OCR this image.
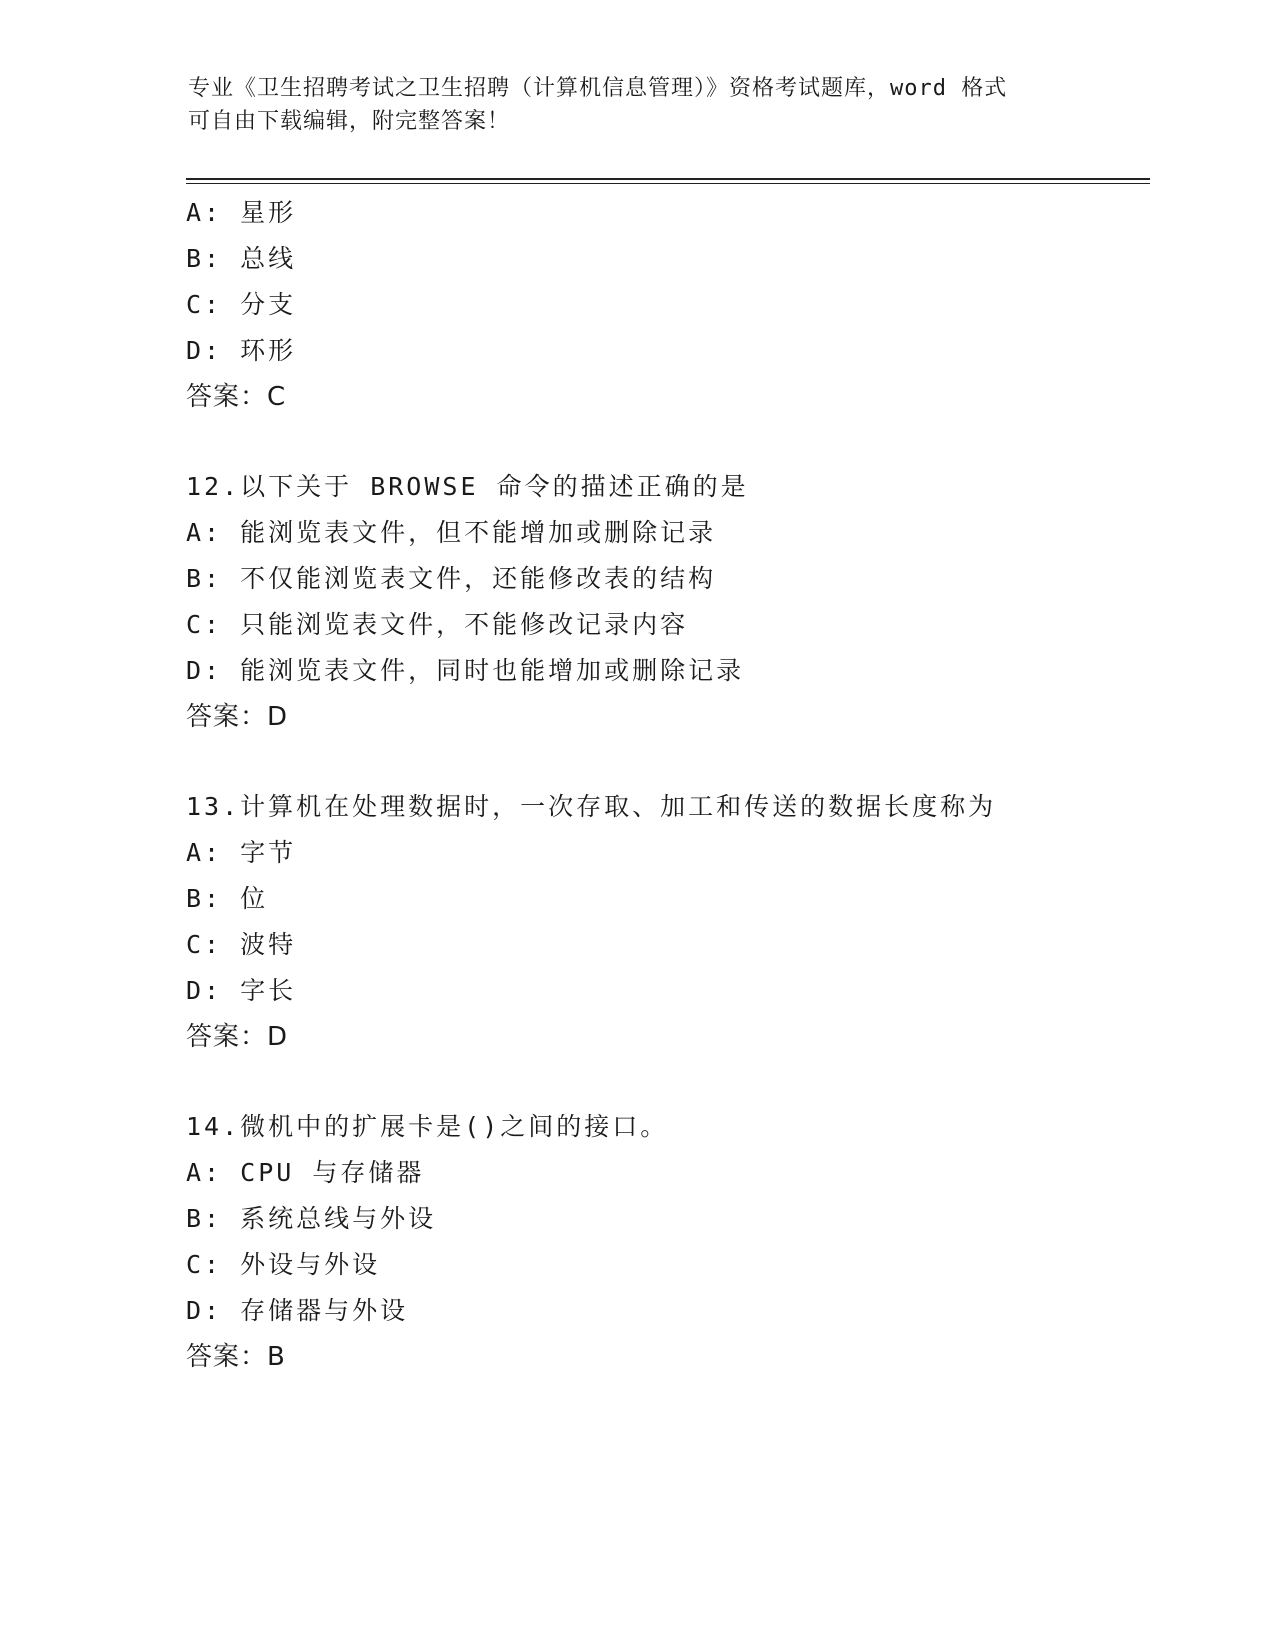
专业《卫生招聘考试之卫生招聘（计算机信息管理）》资格考试题库，word 格式
可自由下载编辑，附完整答案！
A: 星形
B: 总线
C: 分支
D: 环形
答案：C
12.以下关于 BROWSE 命令的描述正确的是
A: 能浏览表文件，但不能增加或删除记录
B: 不仅能浏览表文件，还能修改表的结构
C: 只能浏览表文件，不能修改记录内容
D: 能浏览表文件，同时也能增加或删除记录
答案：D
13.计算机在处理数据时，一次存取、加工和传送的数据长度称为
A: 字节
B: 位
C: 波特
D: 字长
答案：D
14.微机中的扩展卡是()之间的接口。
A: CPU 与存储器
B: 系统总线与外设
C: 外设与外设
D: 存储器与外设
答案：B
